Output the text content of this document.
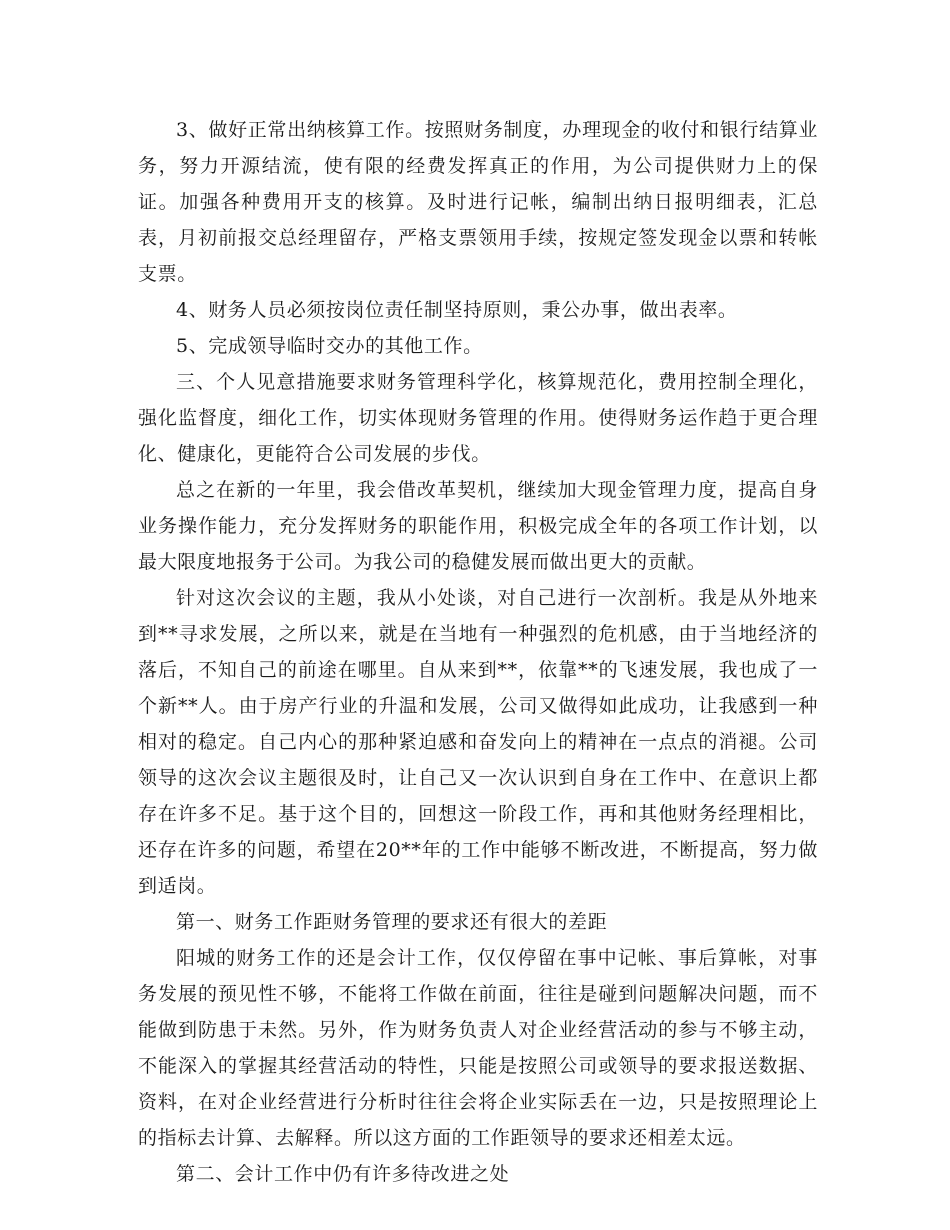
3、做好正常出纳核算工作。按照财务制度，办理现金的收付和银行结算业务，努力开源结流，使有限的经费发挥真正的作用，为公司提供财力上的保证。加强各种费用开支的核算。及时进行记帐，编制出纳日报明细表，汇总表，月初前报交总经理留存，严格支票领用手续，按规定签发现金以票和转帐支票。

4、财务人员必须按岗位责任制坚持原则，秉公办事，做出表率。

5、完成领导临时交办的其他工作。

三、个人见意措施要求财务管理科学化，核算规范化，费用控制全理化，强化监督度，细化工作，切实体现财务管理的作用。使得财务运作趋于更合理化、健康化，更能符合公司发展的步伐。

总之在新的一年里，我会借改革契机，继续加大现金管理力度，提高自身业务操作能力，充分发挥财务的职能作用，积极完成全年的各项工作计划，以最大限度地报务于公司。为我公司的稳健发展而做出更大的贡献。

针对这次会议的主题，我从小处谈，对自己进行一次剖析。我是从外地来到**寻求发展，之所以来，就是在当地有一种强烈的危机感，由于当地经济的落后，不知自己的前途在哪里。自从来到**，依靠**的飞速发展，我也成了一个新**人。由于房产行业的升温和发展，公司又做得如此成功，让我感到一种相对的稳定。自己内心的那种紧迫感和奋发向上的精神在一点点的消褪。公司领导的这次会议主题很及时，让自己又一次认识到自身在工作中、在意识上都存在许多不足。基于这个目的，回想这一阶段工作，再和其他财务经理相比，还存在许多的问题，希望在20**年的工作中能够不断改进，不断提高，努力做到适岗。

第一、财务工作距财务管理的要求还有很大的差距

阳城的财务工作的还是会计工作，仅仅停留在事中记帐、事后算帐，对事务发展的预见性不够，不能将工作做在前面，往往是碰到问题解决问题，而不能做到防患于未然。另外，作为财务负责人对企业经营活动的参与不够主动，不能深入的掌握其经营活动的特性，只能是按照公司或领导的要求报送数据、资料，在对企业经营进行分析时往往会将企业实际丢在一边，只是按照理论上的指标去计算、去解释。所以这方面的工作距领导的要求还相差太远。

第二、会计工作中仍有许多待改进之处
